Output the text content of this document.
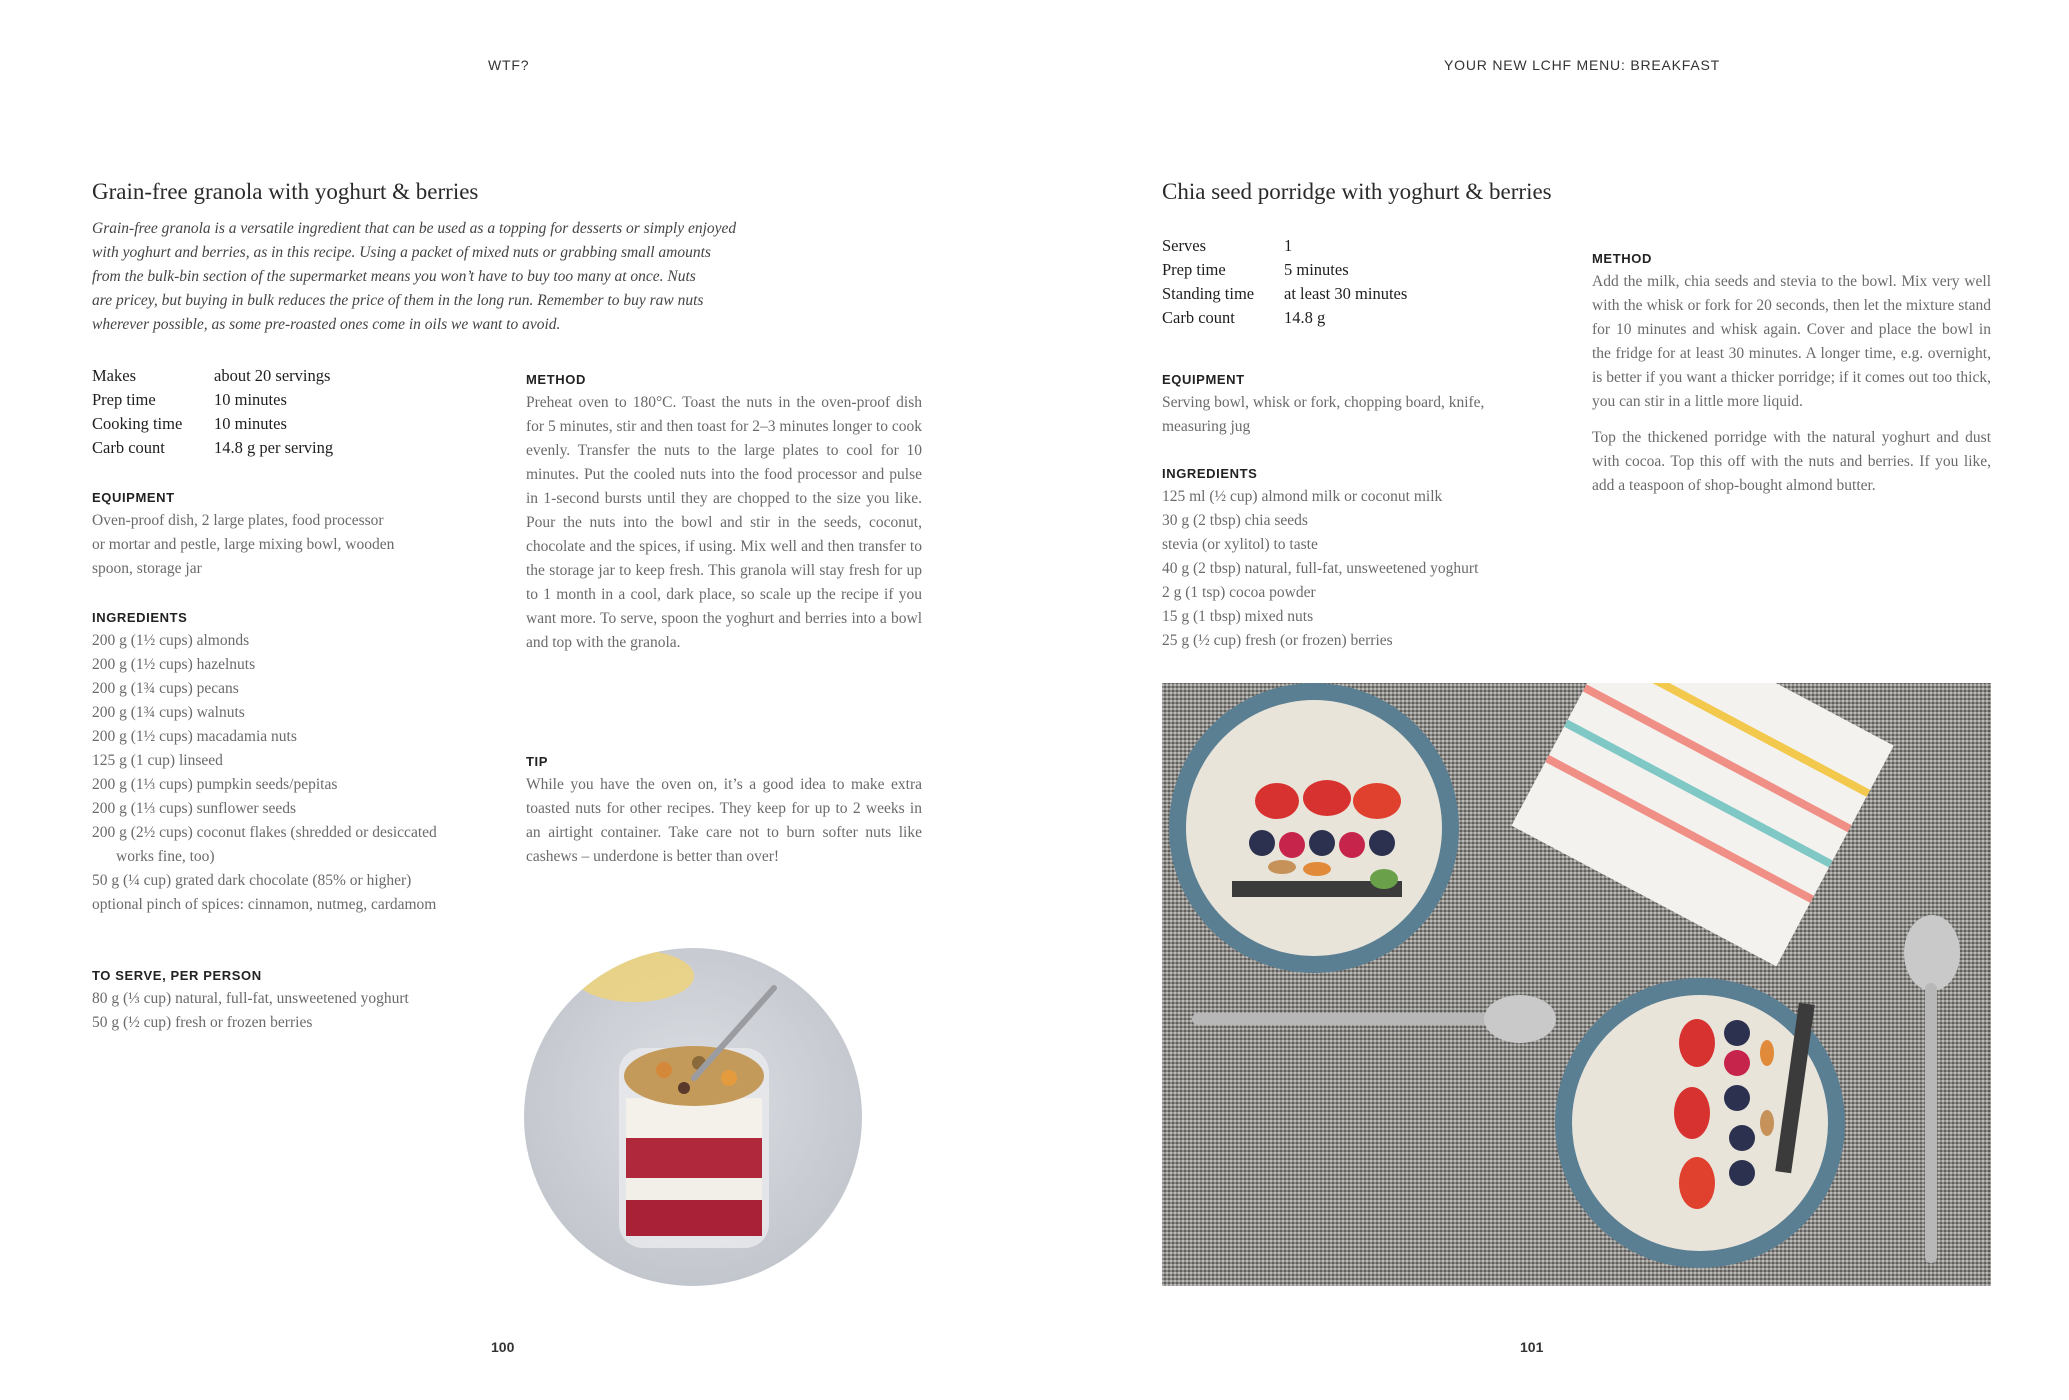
WTF?
Grain-free granola with yoghurt & berries
Grain-free granola is a versatile ingredient that can be used as a topping for desserts or simply enjoyed
with yoghurt and berries, as in this recipe. Using a packet of mixed nuts or grabbing small amounts
from the bulk-bin section of the supermarket means you won’t have to buy too many at once. Nuts
are pricey, but buying in bulk reduces the price of them in the long run. Remember to buy raw nuts
wherever possible, as some pre-roasted ones come in oils we want to avoid.
Makes	about 20 servings
Prep time	10 minutes
Cooking time	10 minutes
Carb count	14.8 g per serving
EQUIPMENT
Oven-proof dish, 2 large plates, food processor
or mortar and pestle, large mixing bowl, wooden
spoon, storage jar
INGREDIENTS
200 g (1½ cups) almonds
200 g (1½ cups) hazelnuts
200 g (1¾ cups) pecans
200 g (1¾ cups) walnuts
200 g (1½ cups) macadamia nuts
125 g (1 cup) linseed
200 g (1⅓ cups) pumpkin seeds/pepitas
200 g (1⅓ cups) sunflower seeds
200 g (2½ cups) coconut flakes (shredded or desiccated works fine, too)
50 g (¼ cup) grated dark chocolate (85% or higher)
optional pinch of spices: cinnamon, nutmeg, cardamom
TO SERVE, PER PERSON
80 g (⅓ cup) natural, full-fat, unsweetened yoghurt
50 g (½ cup) fresh or frozen berries
METHOD
Preheat oven to 180°C. Toast the nuts in the oven-proof dish for 5 minutes, stir and then toast for 2–3 minutes longer to cook evenly. Transfer the nuts to the large plates to cool for 10 minutes. Put the cooled nuts into the food processor and pulse in 1-second bursts until they are chopped to the size you like. Pour the nuts into the bowl and stir in the seeds, coconut, chocolate and the spices, if using. Mix well and then transfer to the storage jar to keep fresh. This granola will stay fresh for up to 1 month in a cool, dark place, so scale up the recipe if you want more. To serve, spoon the yoghurt and berries into a bowl and top with the granola.
TIP
While you have the oven on, it’s a good idea to make extra toasted nuts for other recipes. They keep for up to 2 weeks in an airtight container. Take care not to burn softer nuts like cashews – underdone is better than over!
100
YOUR NEW LCHF MENU: BREAKFAST
Chia seed porridge with yoghurt & berries
Serves	1
Prep time	5 minutes
Standing time	at least 30 minutes
Carb count	14.8 g
EQUIPMENT
Serving bowl, whisk or fork, chopping board, knife,
measuring jug
INGREDIENTS
125 ml (½ cup) almond milk or coconut milk
30 g (2 tbsp) chia seeds
stevia (or xylitol) to taste
40 g (2 tbsp) natural, full-fat, unsweetened yoghurt
2 g (1 tsp) cocoa powder
15 g (1 tbsp) mixed nuts
25 g (½ cup) fresh (or frozen) berries
METHOD
Add the milk, chia seeds and stevia to the bowl. Mix very well with the whisk or fork for 20 seconds, then let the mixture stand for 10 minutes and whisk again. Cover and place the bowl in the fridge for at least 30 minutes. A longer time, e.g. overnight, is better if you want a thicker porridge; if it comes out too thick, you can stir in a little more liquid.
Top the thickened porridge with the natural yoghurt and dust with cocoa. Top this off with the nuts and berries. If you like, add a teaspoon of shop-bought almond butter.
101
